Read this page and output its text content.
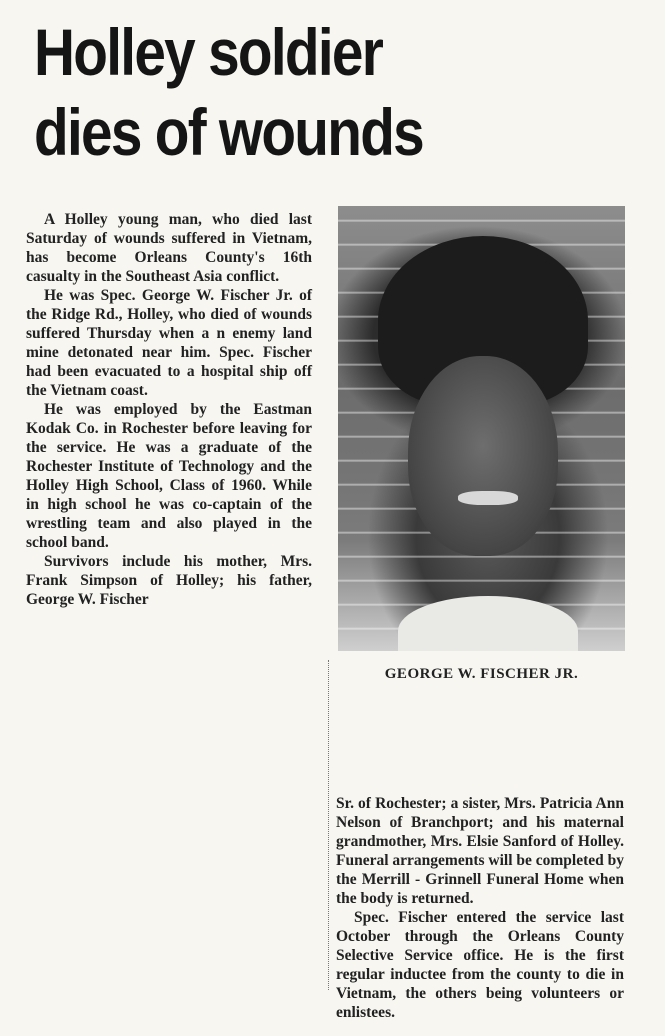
Holley soldier
dies of wounds

A Holley young man, who died last Saturday of wounds suffered in Vietnam, has become Orleans County's 16th casualty in the Southeast Asia conflict.

He was Spec. George W. Fischer Jr. of the Ridge Rd., Holley, who died of wounds suffered Thursday when a n enemy land mine detonated near him. Spec. Fischer had been evacuated to a hospital ship off the Vietnam coast.

He was employed by the Eastman Kodak Co. in Rochester before leaving for the service. He was a graduate of the Rochester Institute of Technology and the Holley High School, Class of 1960. While in high school he was co-captain of the wrestling team and also played in the school band.

Survivors include his mother, Mrs. Frank Simpson of Holley; his father, George W. Fischer

GEORGE W. FISCHER JR.

Sr. of Rochester; a sister, Mrs. Patricia Ann Nelson of Branchport; and his maternal grandmother, Mrs. Elsie Sanford of Holley. Funeral arrangements will be completed by the Merrill - Grinnell Funeral Home when the body is returned.

Spec. Fischer entered the service last October through the Orleans County Selective Service office. He is the first regular inductee from the county to die in Vietnam, the others being volunteers or enlistees.
